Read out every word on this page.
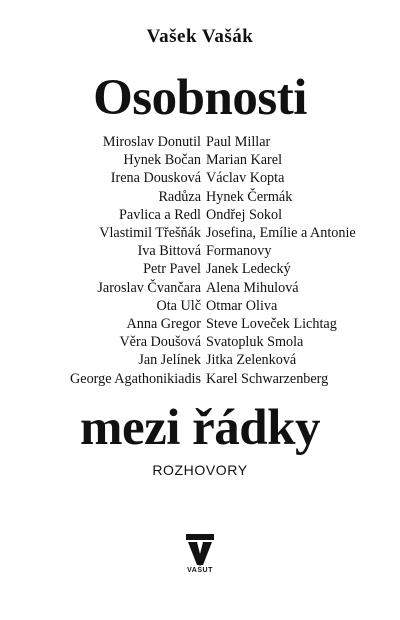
Vašek Vašák
Osobnosti
Miroslav Donutil
Hynek Bočan
Irena Dousková
Radůza
Pavlica a Redl
Vlastimil Třešňák
Iva Bittová
Petr Pavel
Jaroslav Čvančara
Ota Ulč
Anna Gregor
Věra Doušová
Jan Jelínek
George Agathonikiadis
Paul Millar
Marian Karel
Václav Kopta
Hynek Čermák
Ondřej Sokol
Josefina, Emílie a Antonie
Formanovy
Janek Ledecký
Alena Mihulová
Otmar Oliva
Steve Loveček Lichtag
Svatopluk Smola
Jitka Zelenková
Karel Schwarzenberg
mezi řádky
ROZHOVORY
VAŠUT
